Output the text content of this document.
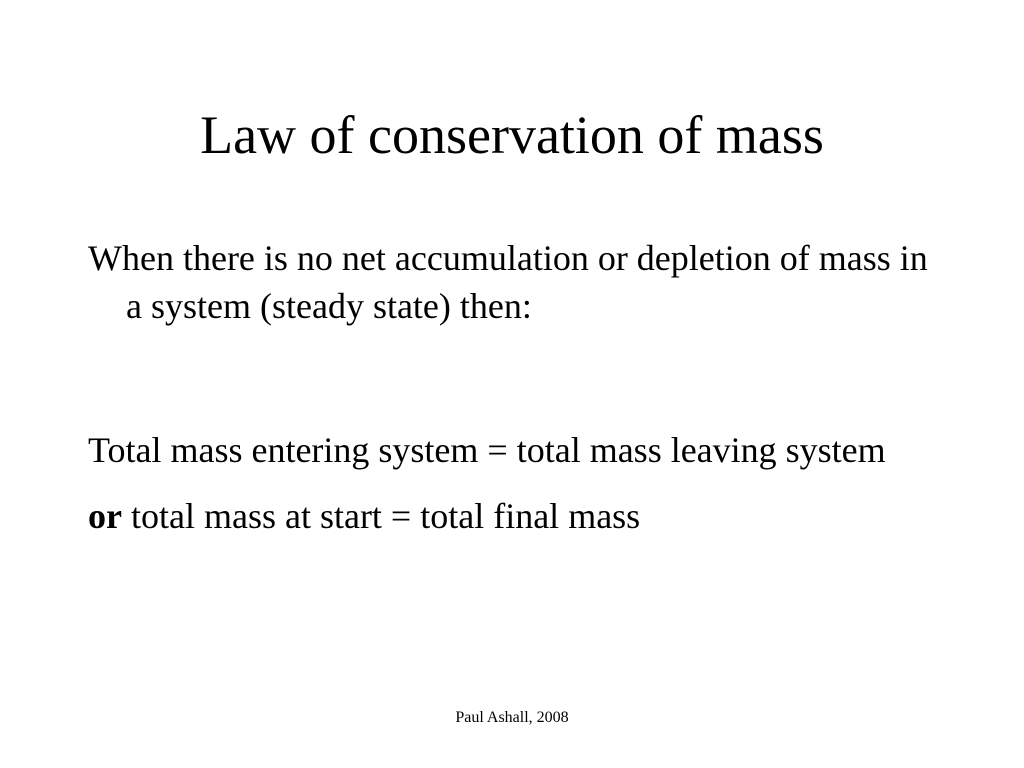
Law of conservation of mass

When there is no net accumulation or depletion of mass in a system (steady state) then:

Total mass entering system = total mass leaving system

or total mass at start = total final mass

Paul Ashall, 2008
